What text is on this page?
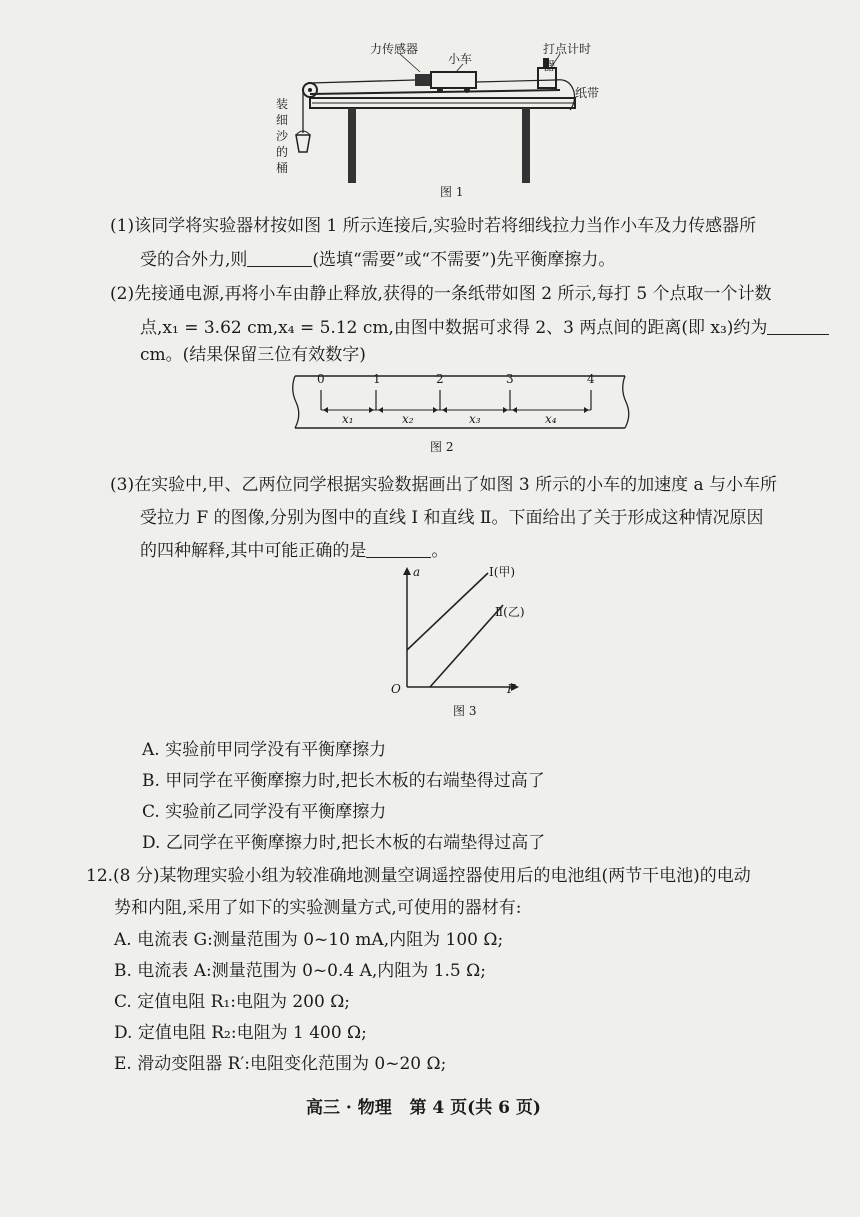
力传感器
小车
打点计时器
纸带
装细沙的桶
图 1
(1)该同学将实验器材按如图 1 所示连接后,实验时若将细线拉力当作小车及力传感器所
受的合外力,则	(选填“需要”或“不需要”)先平衡摩擦力。
(2)先接通电源,再将小车由静止释放,获得的一条纸带如图 2 所示,每打 5 个点取一个计数
点,x₁ = 3.62 cm,x₄ = 5.12 cm,由图中数据可求得 2、3 两点间的距离(即 x₃)约为
cm。(结果保留三位有效数字)
0	1	2	3	4
x₁	x₂	x₃	x₄
图 2
(3)在实验中,甲、乙两位同学根据实验数据画出了如图 3 所示的小车的加速度 a 与小车所
受拉力 F 的图像,分别为图中的直线 Ⅰ 和直线 Ⅱ。下面给出了关于形成这种情况原因
的四种解释,其中可能正确的是	。
a
F
O
Ⅰ(甲)
Ⅱ(乙)
图 3
A. 实验前甲同学没有平衡摩擦力
B. 甲同学在平衡摩擦力时,把长木板的右端垫得过高了
C. 实验前乙同学没有平衡摩擦力
D. 乙同学在平衡摩擦力时,把长木板的右端垫得过高了
12.(8 分)某物理实验小组为较准确地测量空调遥控器使用后的电池组(两节干电池)的电动
势和内阻,采用了如下的实验测量方式,可使用的器材有:
A. 电流表 G:测量范围为 0~10 mA,内阻为 100 Ω;
B. 电流表 A:测量范围为 0~0.4 A,内阻为 1.5 Ω;
C. 定值电阻 R₁:电阻为 200 Ω;
D. 定值电阻 R₂:电阻为 1 400 Ω;
E. 滑动变阻器 R′:电阻变化范围为 0~20 Ω;
高三 · 物理   第 4 页(共 6 页)
